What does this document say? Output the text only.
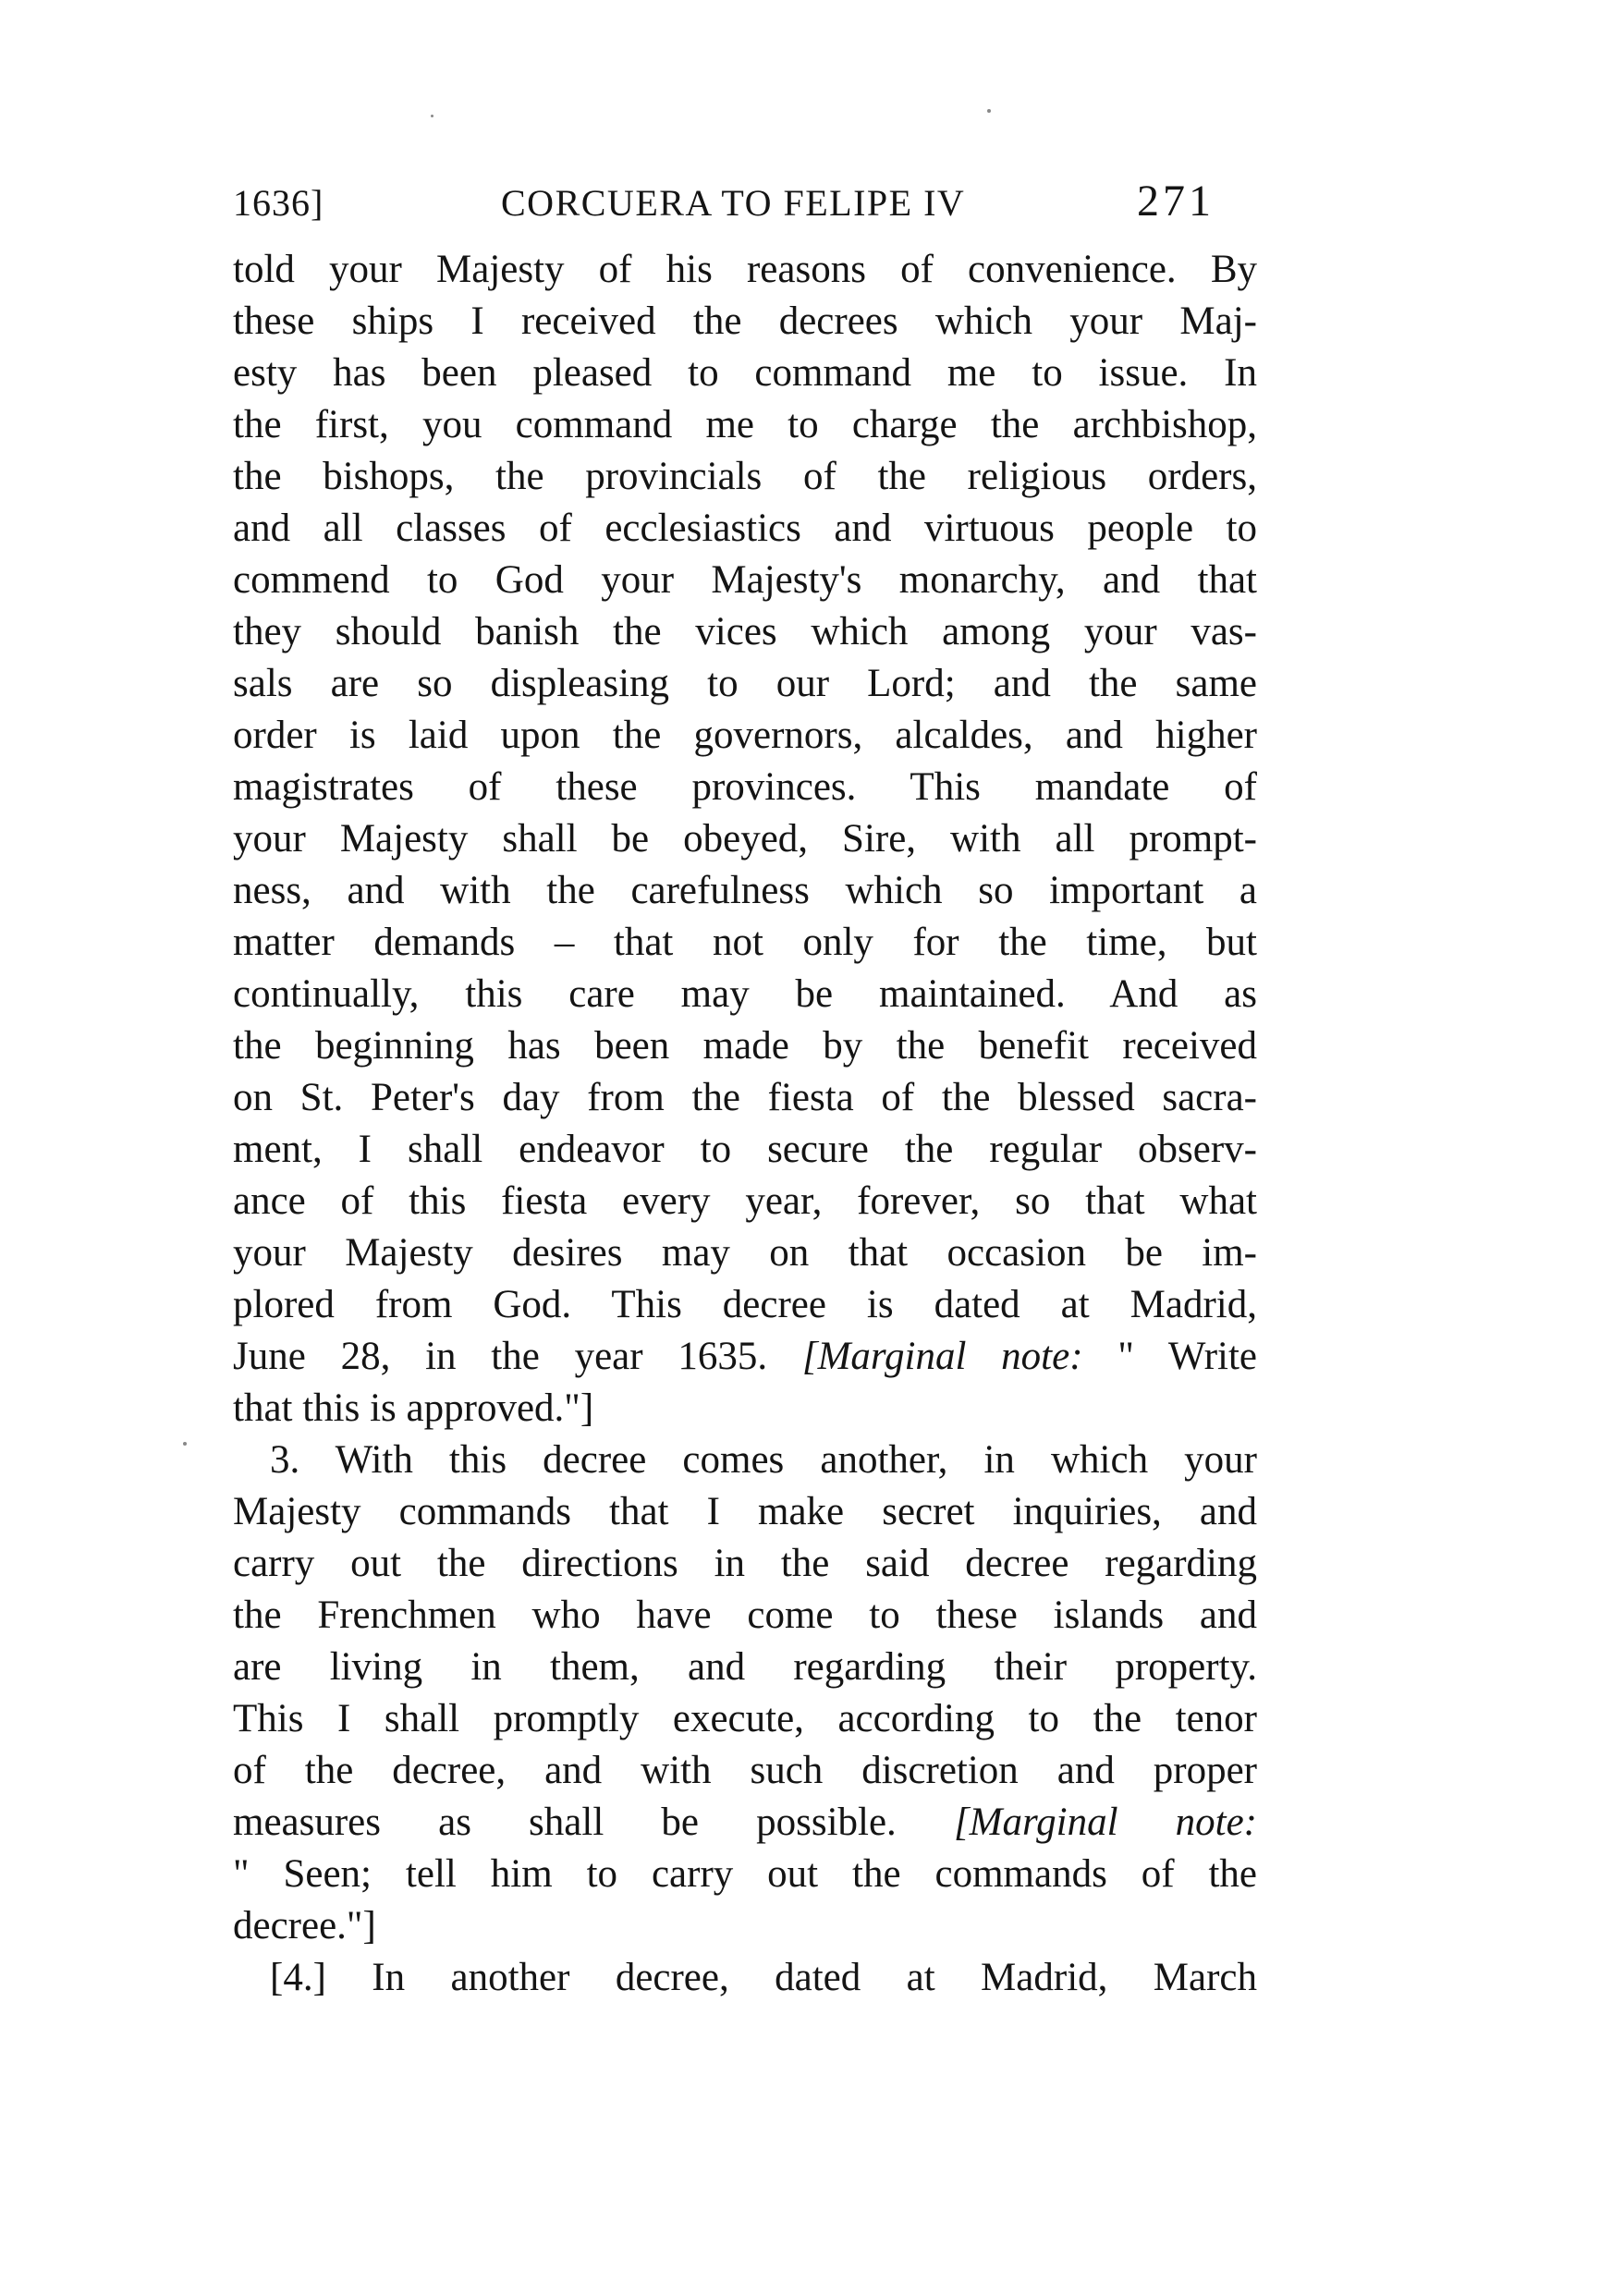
1636]	CORCUERA TO FELIPE IV	271
told your Majesty of his reasons of convenience. By
these ships I received the decrees which your Maj-
esty has been pleased to command me to issue. In
the first, you command me to charge the archbishop,
the bishops, the provincials of the religious orders,
and all classes of ecclesiastics and virtuous people to
commend to God your Majesty's monarchy, and that
they should banish the vices which among your vas-
sals are so displeasing to our Lord; and the same
order is laid upon the governors, alcaldes, and higher
magistrates of these provinces. This mandate of
your Majesty shall be obeyed, Sire, with all prompt-
ness, and with the carefulness which so important a
matter demands – that not only for the time, but
continually, this care may be maintained. And as
the beginning has been made by the benefit received
on St. Peter's day from the fiesta of the blessed sacra-
ment, I shall endeavor to secure the regular observ-
ance of this fiesta every year, forever, so that what
your Majesty desires may on that occasion be im-
plored from God. This decree is dated at Madrid,
June 28, in the year 1635. [Marginal note: " Write
that this is approved."]
3. With this decree comes another, in which your
Majesty commands that I make secret inquiries, and
carry out the directions in the said decree regarding
the Frenchmen who have come to these islands and
are living in them, and regarding their property.
This I shall promptly execute, according to the tenor
of the decree, and with such discretion and proper
measures as shall be possible. [Marginal note:
" Seen; tell him to carry out the commands of the
decree."]
[4.] In another decree, dated at Madrid, March
